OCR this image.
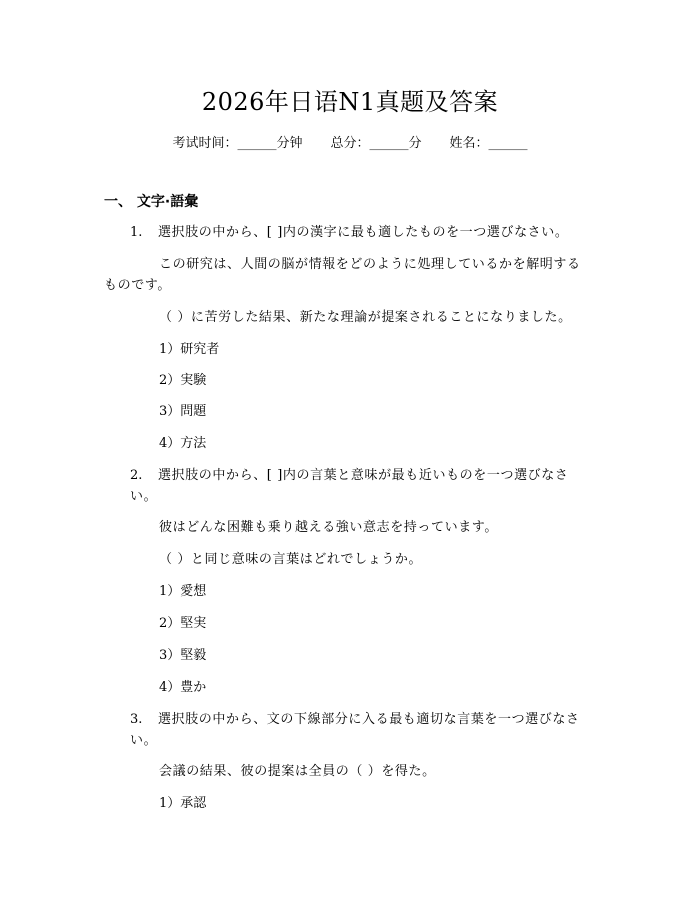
2026年日语N1真题及答案
考试时间：______分钟 总分：______分 姓名：______
一、 文字·語彙
1.	選択肢の中から、[ ]内の漢字に最も適したものを一つ選びなさい。
この研究は、人間の脳が情報をどのように処理しているかを解明するものです。
（ ）に苦労した結果、新たな理論が提案されることになりました。
1）研究者
2）実験
3）問題
4）方法
2.	選択肢の中から、[ ]内の言葉と意味が最も近いものを一つ選びなさい。
彼はどんな困難も乗り越える強い意志を持っています。
（ ）と同じ意味の言葉はどれでしょうか。
1）愛想
2）堅実
3）堅毅
4）豊か
3.	選択肢の中から、文の下線部分に入る最も適切な言葉を一つ選びなさい。
会議の結果、彼の提案は全員の（ ）を得た。
1）承認
